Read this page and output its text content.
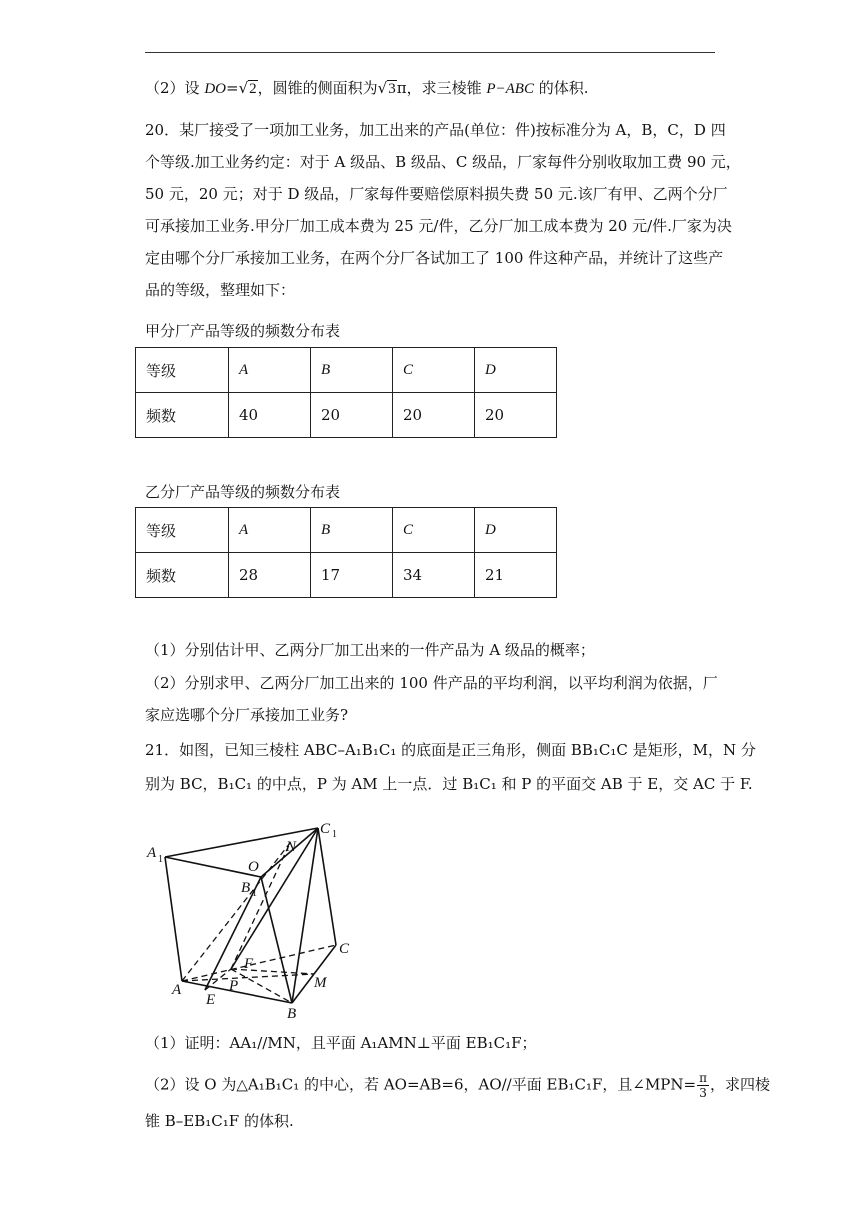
（2）设 DO=√2，圆锥的侧面积为√3π，求三棱锥 P−ABC 的体积.
20．某厂接受了一项加工业务，加工出来的产品(单位：件)按标准分为 A，B，C，D 四
个等级.加工业务约定：对于 A 级品、B 级品、C 级品，厂家每件分别收取加工费 90 元，
50 元，20 元；对于 D 级品，厂家每件要赔偿原料损失费 50 元.该厂有甲、乙两个分厂
可承接加工业务.甲分厂加工成本费为 25 元/件，乙分厂加工成本费为 20 元/件.厂家为决
定由哪个分厂承接加工业务，在两个分厂各试加工了 100 件这种产品，并统计了这些产
品的等级，整理如下：
甲分厂产品等级的频数分布表
等级	A	B	C	D
频数	40	20	20	20
乙分厂产品等级的频数分布表
等级	A	B	C	D
频数	28	17	34	21
（1）分别估计甲、乙两分厂加工出来的一件产品为 A 级品的概率；
（2）分别求甲、乙两分厂加工出来的 100 件产品的平均利润，以平均利润为依据，厂
家应选哪个分厂承接加工业务?
21．如图，已知三棱柱 ABC–A₁B₁C₁ 的底面是正三角形，侧面 BB₁C₁C 是矩形，M，N 分
别为 BC，B₁C₁ 的中点，P 为 AM 上一点．过 B₁C₁ 和 P 的平面交 AB 于 E，交 AC 于 F.
A 1
C 1
N
O
B 1
C
F
P	M
A
E
B
（1）证明：AA₁//MN，且平面 A₁AMN⊥平面 EB₁C₁F；
（2）设 O 为△A₁B₁C₁ 的中心，若 AO=AB=6，AO//平面 EB₁C₁F，且∠MPN= $\frac{\pi}{3}$ ，求四棱
锥 B–EB₁C₁F 的体积.
